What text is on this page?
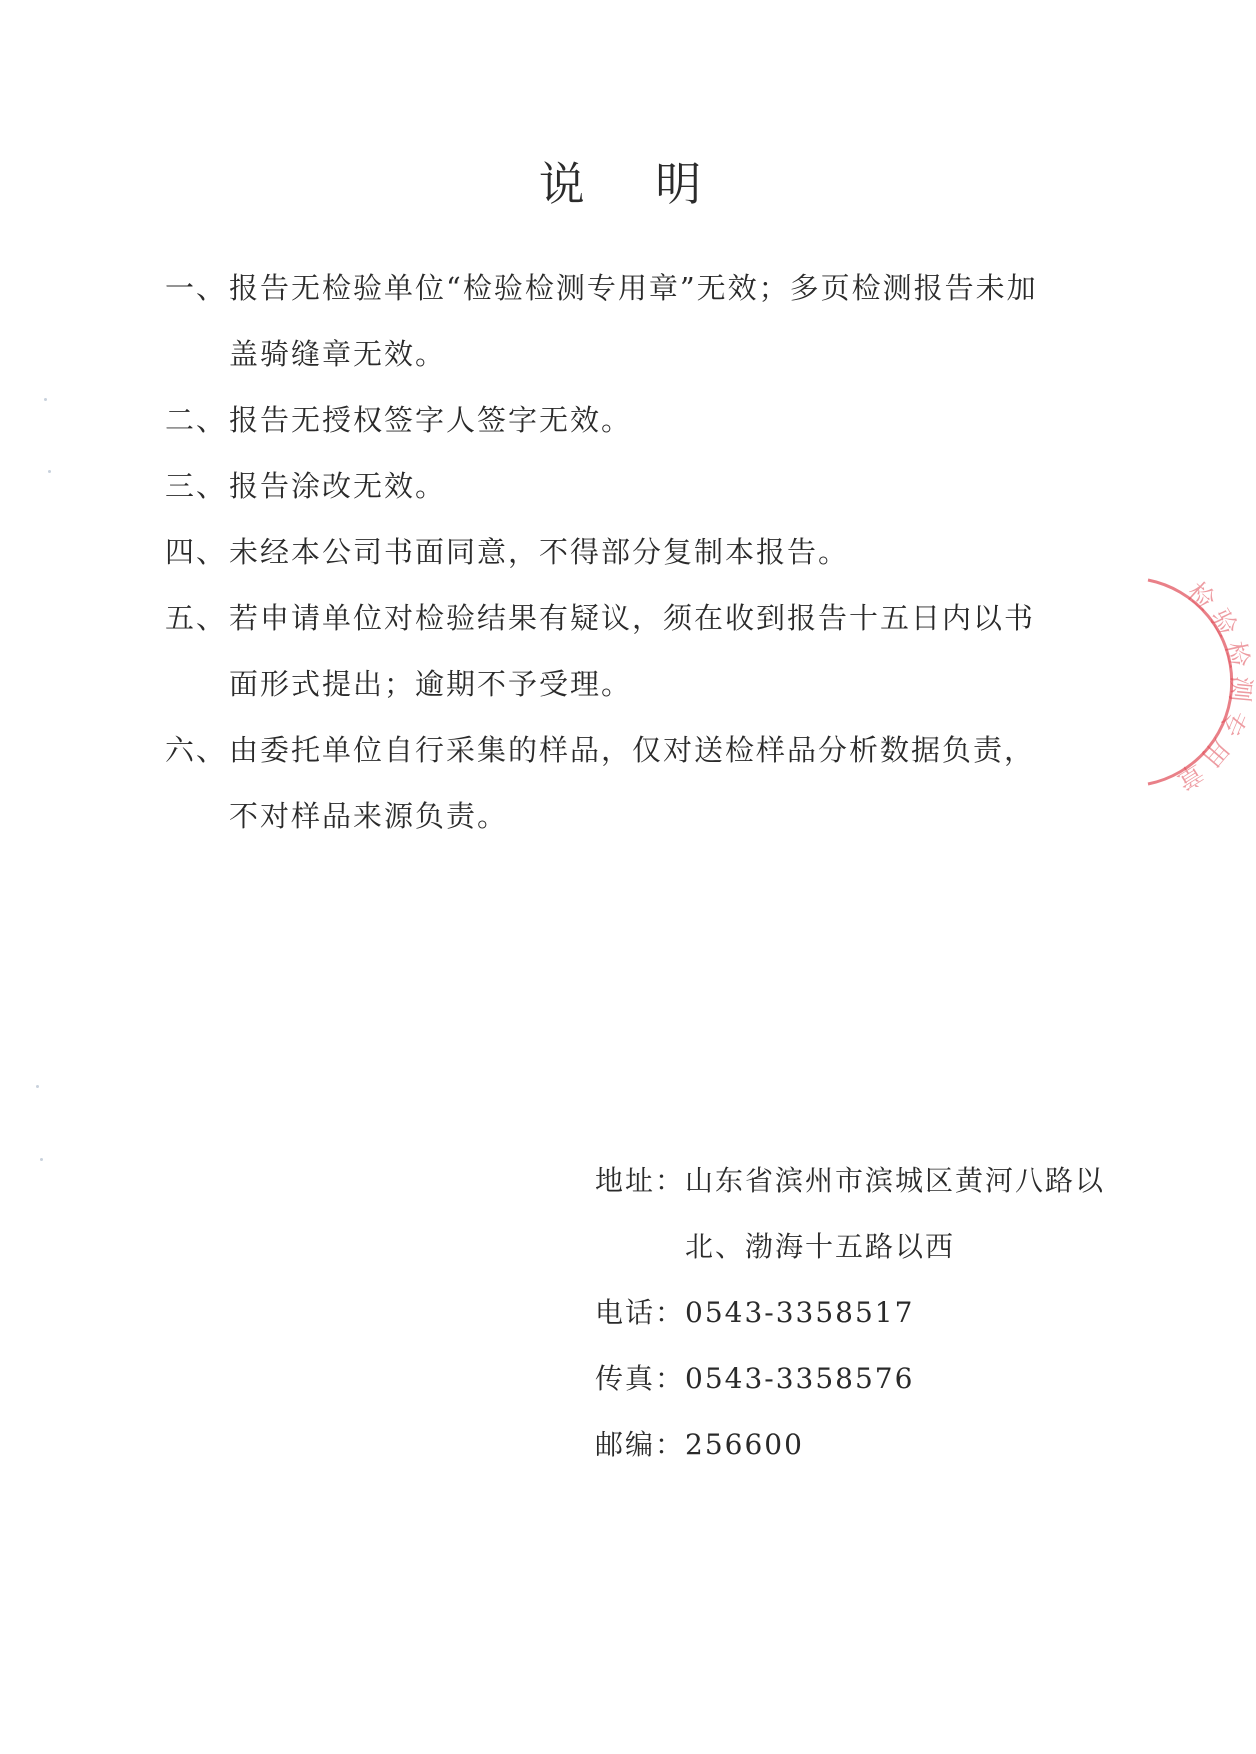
说 明
一、 报告无检验单位“检验检测专用章”无效；多页检测报告未加盖骑缝章无效。
二、 报告无授权签字人签字无效。
三、 报告涂改无效。
四、 未经本公司书面同意，不得部分复制本报告。
五、 若申请单位对检验结果有疑议，须在收到报告十五日内以书面形式提出；逾期不予受理。
六、 由委托单位自行采集的样品，仅对送检样品分析数据负责，不对样品来源负责。
地址： 山东省滨州市滨城区黄河八路以北、渤海十五路以西
电话： 0543-3358517
传真： 0543-3358576
邮编： 256600
检验检测专用章
